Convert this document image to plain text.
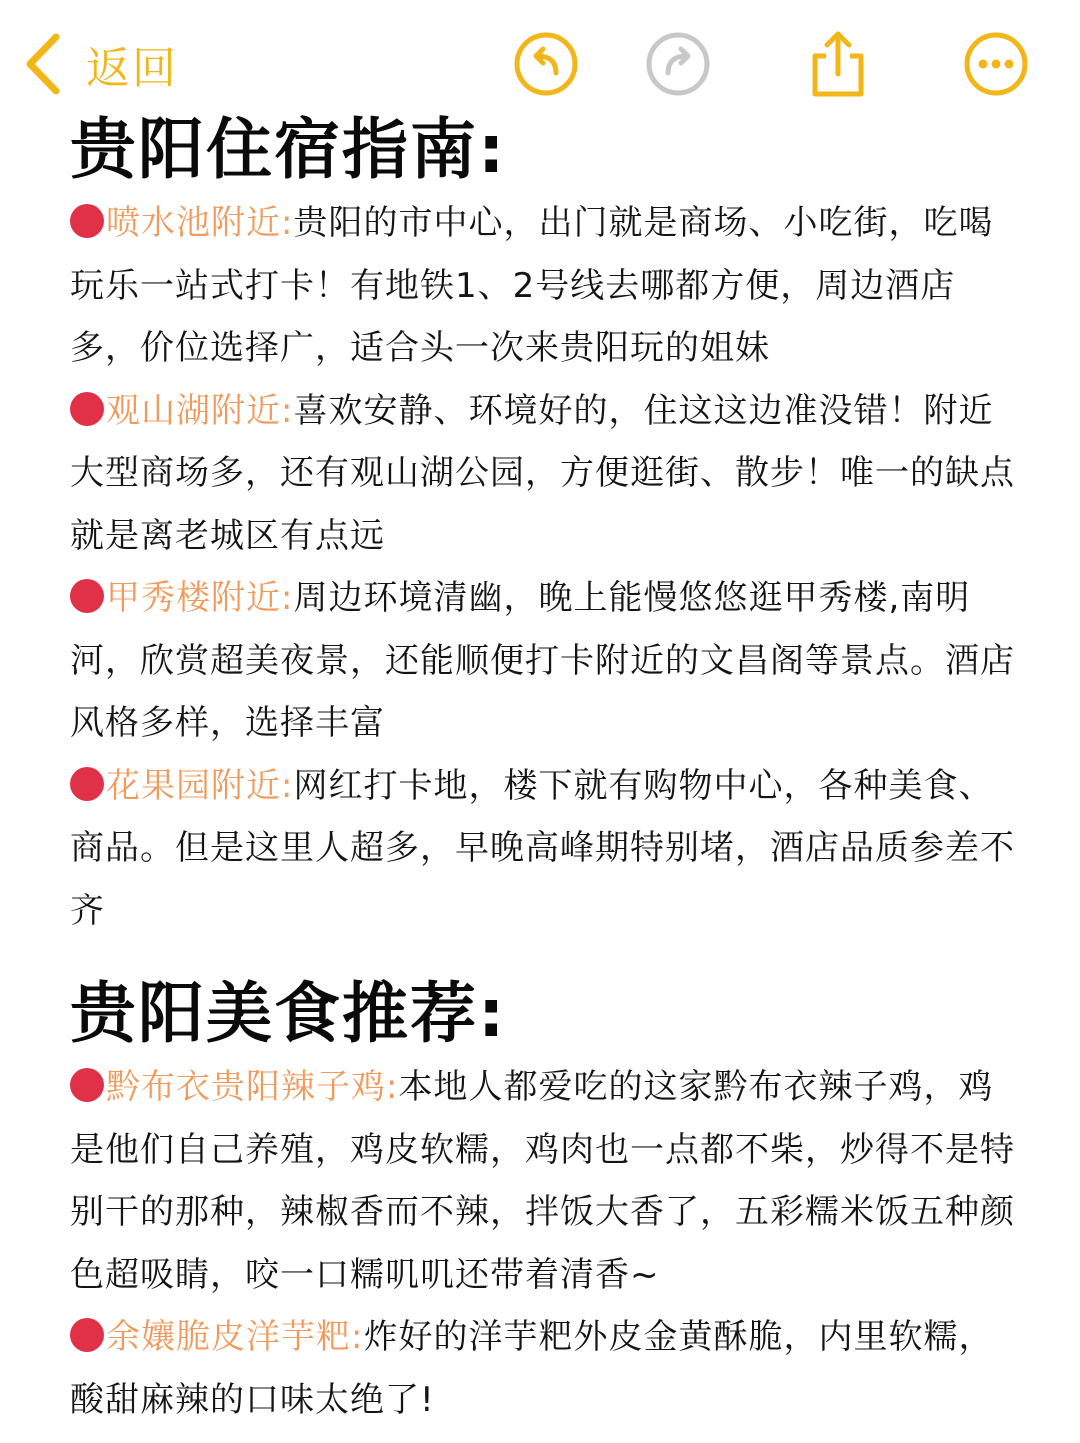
返回
贵阳住宿指南:

喷水池附近:贵阳的市中心，出门就是商场、小吃街，吃喝玩乐一站式打卡！有地铁1、2号线去哪都方便，周边酒店多，价位选择广，适合头一次来贵阳玩的姐妹

观山湖附近:喜欢安静、环境好的，住这这边准没错！附近大型商场多，还有观山湖公园，方便逛街、散步！唯一的缺点就是离老城区有点远

甲秀楼附近:周边环境清幽，晚上能慢悠悠逛甲秀楼,南明河，欣赏超美夜景，还能顺便打卡附近的文昌阁等景点。酒店风格多样，选择丰富

花果园附近:网红打卡地，楼下就有购物中心，各种美食、商品。但是这里人超多，早晚高峰期特别堵，酒店品质参差不齐

贵阳美食推荐:

黔布衣贵阳辣子鸡:本地人都爱吃的这家黔布衣辣子鸡，鸡是他们自己养殖，鸡皮软糯，鸡肉也一点都不柴，炒得不是特别干的那种，辣椒香而不辣，拌饭大香了，五彩糯米饭五种颜色超吸睛，咬一口糯叽叽还带着清香~

余孃脆皮洋芋粑:炸好的洋芋粑外皮金黄酥脆，内里软糯，酸甜麻辣的口味太绝了!
